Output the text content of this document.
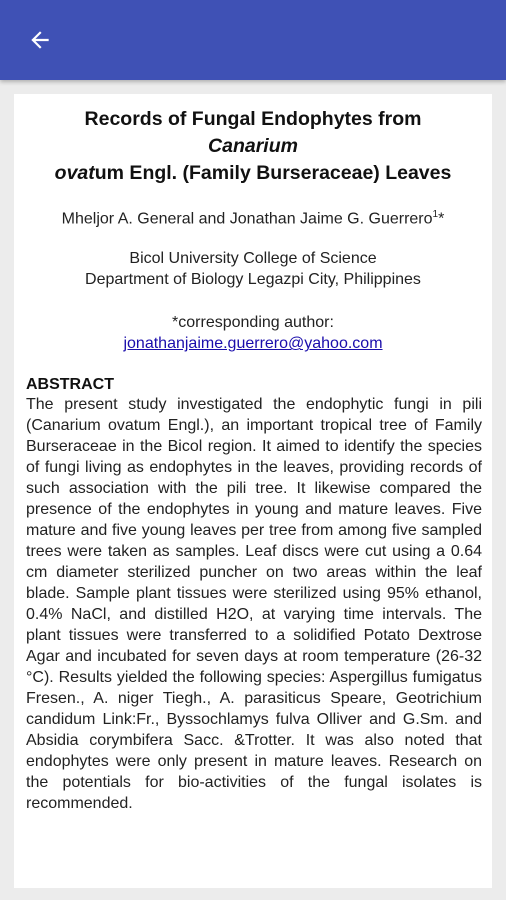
Records of Fungal Endophytes from
Canarium
ovatum Engl. (Family Burseraceae) Leaves
Mheljor A. General and Jonathan Jaime G. Guerrero$^1$*
Bicol University College of Science
Department of Biology Legazpi City, Philippines
*corresponding author:
jonathanjaime.guerrero@yahoo.com
ABSTRACT
The present study investigated the endophytic fungi in pili (Canarium ovatum Engl.), an important tropical tree of Family Burseraceae in the Bicol region. It aimed to identify the species of fungi living as endophytes in the leaves, providing records of such association with the pili tree. It likewise compared the presence of the endophytes in young and mature leaves. Five mature and five young leaves per tree from among five sampled trees were taken as samples. Leaf discs were cut using a 0.64 cm diameter sterilized puncher on two areas within the leaf blade. Sample plant tissues were sterilized using 95% ethanol, 0.4% NaCl, and distilled H2O, at varying time intervals. The plant tissues were transferred to a solidified Potato Dextrose Agar and incubated for seven days at room temperature (26-32 °C). Results yielded the following species: Aspergillus fumigatus Fresen., A. niger Tiegh., A. parasiticus Speare, Geotrichium candidum Link:Fr., Byssochlamys fulva Olliver and G.Sm. and Absidia corymbifera Sacc. &Trotter. It was also noted that endophytes were only present in mature leaves. Research on the potentials for bio-activities of the fungal isolates is recommended.
